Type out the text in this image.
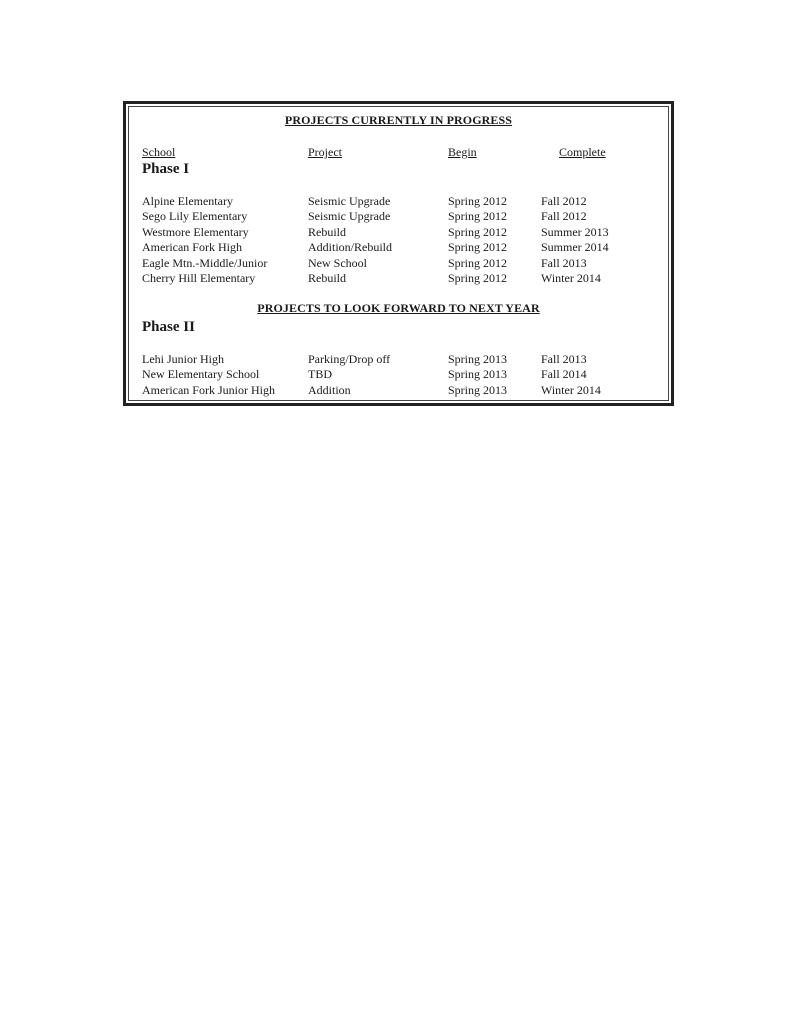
PROJECTS CURRENTLY IN PROGRESS
School	Project	Begin	Complete
Phase I
Alpine Elementary	Seismic Upgrade	Spring 2012	Fall 2012
Sego Lily Elementary	Seismic Upgrade	Spring 2012	Fall 2012
Westmore Elementary	Rebuild	Spring 2012	Summer 2013
American Fork High	Addition/Rebuild	Spring 2012	Summer 2014
Eagle Mtn.-Middle/Junior	New School	Spring 2012	Fall 2013
Cherry Hill Elementary	Rebuild	Spring 2012	Winter 2014
PROJECTS TO LOOK FORWARD TO NEXT YEAR
Phase II
Lehi Junior High	Parking/Drop off	Spring 2013	Fall 2013
New Elementary School	TBD	Spring 2013	Fall 2014
American Fork Junior High	Addition	Spring 2013	Winter 2014
